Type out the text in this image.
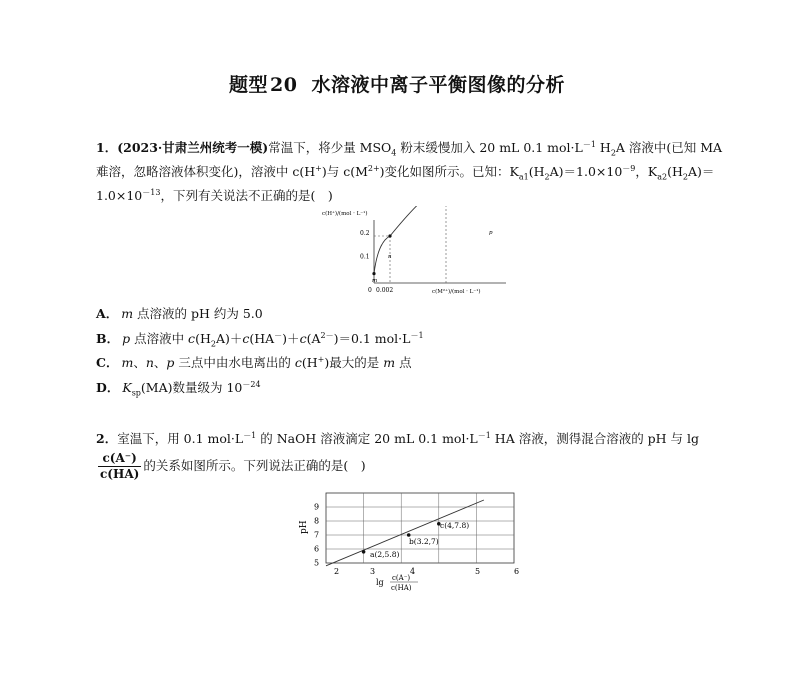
题型 20 水溶液中离子平衡图像的分析
1．(2023·甘肃兰州统考一模)常温下，将少量 $MSO_4$ 粉末缓慢加入 20 mL 0.1 $mol\cdot L^{-1}$ $H_2A$ 溶液中(已知 MA 难溶，忽略溶液体积变化)，溶液中 c(H+)与 $c(M^{2+})$变化如图所示。已知：$K_{a1}(H_2A)=1.0\times 10^{-9}$，$K_{a2}(H_2A)=1.0\times 10^{-13}$，下列有关说法不正确的是(　)
c(H⁺)/(mol · L⁻¹)
c(M²⁺)/(mol · L⁻¹)
0.2
0.1
0 0.002
m
n
p
A． m 点溶液的 pH 约为 5.0
B． p 点溶液中 $c(H_2A)+c(HA^-)+c(A^{2-})=0.1$ $mol\cdot L^{-1}$
C． m、n、p 三点中由水电离出的 c(H+)最大的是 m 点
D． $K_{sp}(MA)$数量级为 $10^{-24}$
2．室温下，用 0.1 $mol\cdot L^{-1}$ 的 NaOH 溶液滴定 20 mL 0.1 $mol\cdot L^{-1}$ HA 溶液，测得混合溶液的 pH 与 lg
$\frac{c(A^-)}{c(HA)}$ 的关系如图所示。下列说法正确的是(　)
pH
5
6
7
8
9
2	3	4	5	6
lg c(A⁻)
c(HA)
a(2,5.8)
b(3.2,7)
c(4,7.8)
